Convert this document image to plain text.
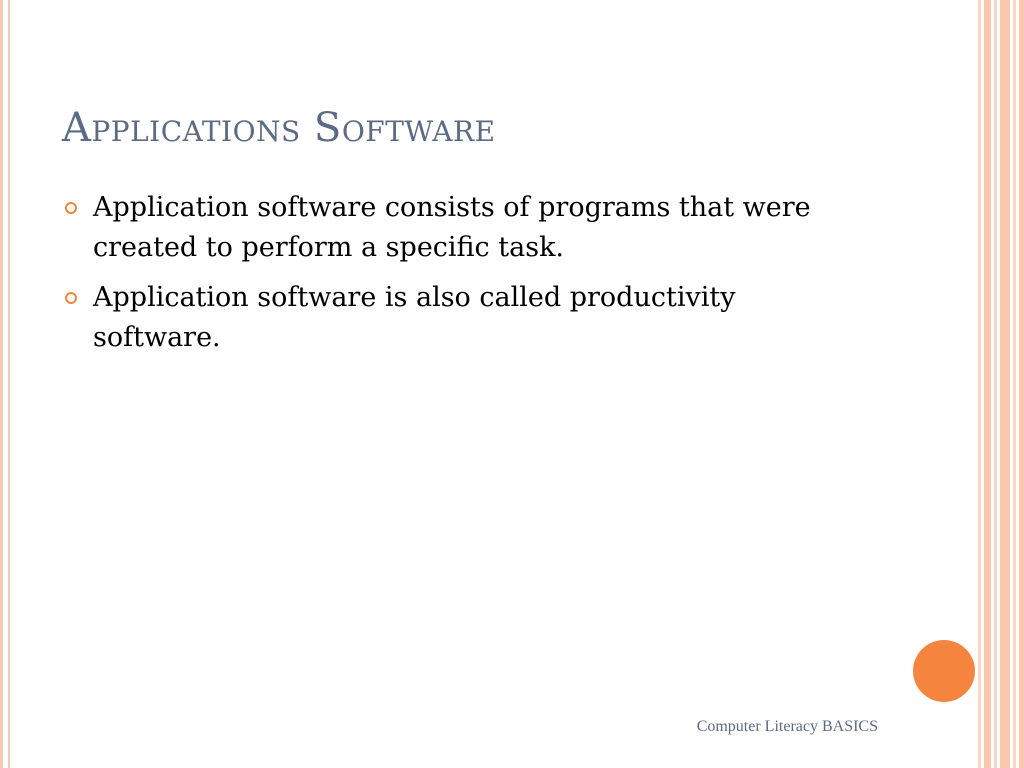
Applications Software
Application software consists of programs that were created to perform a specific task.
Application software is also called productivity software.
Computer Literacy BASICS
